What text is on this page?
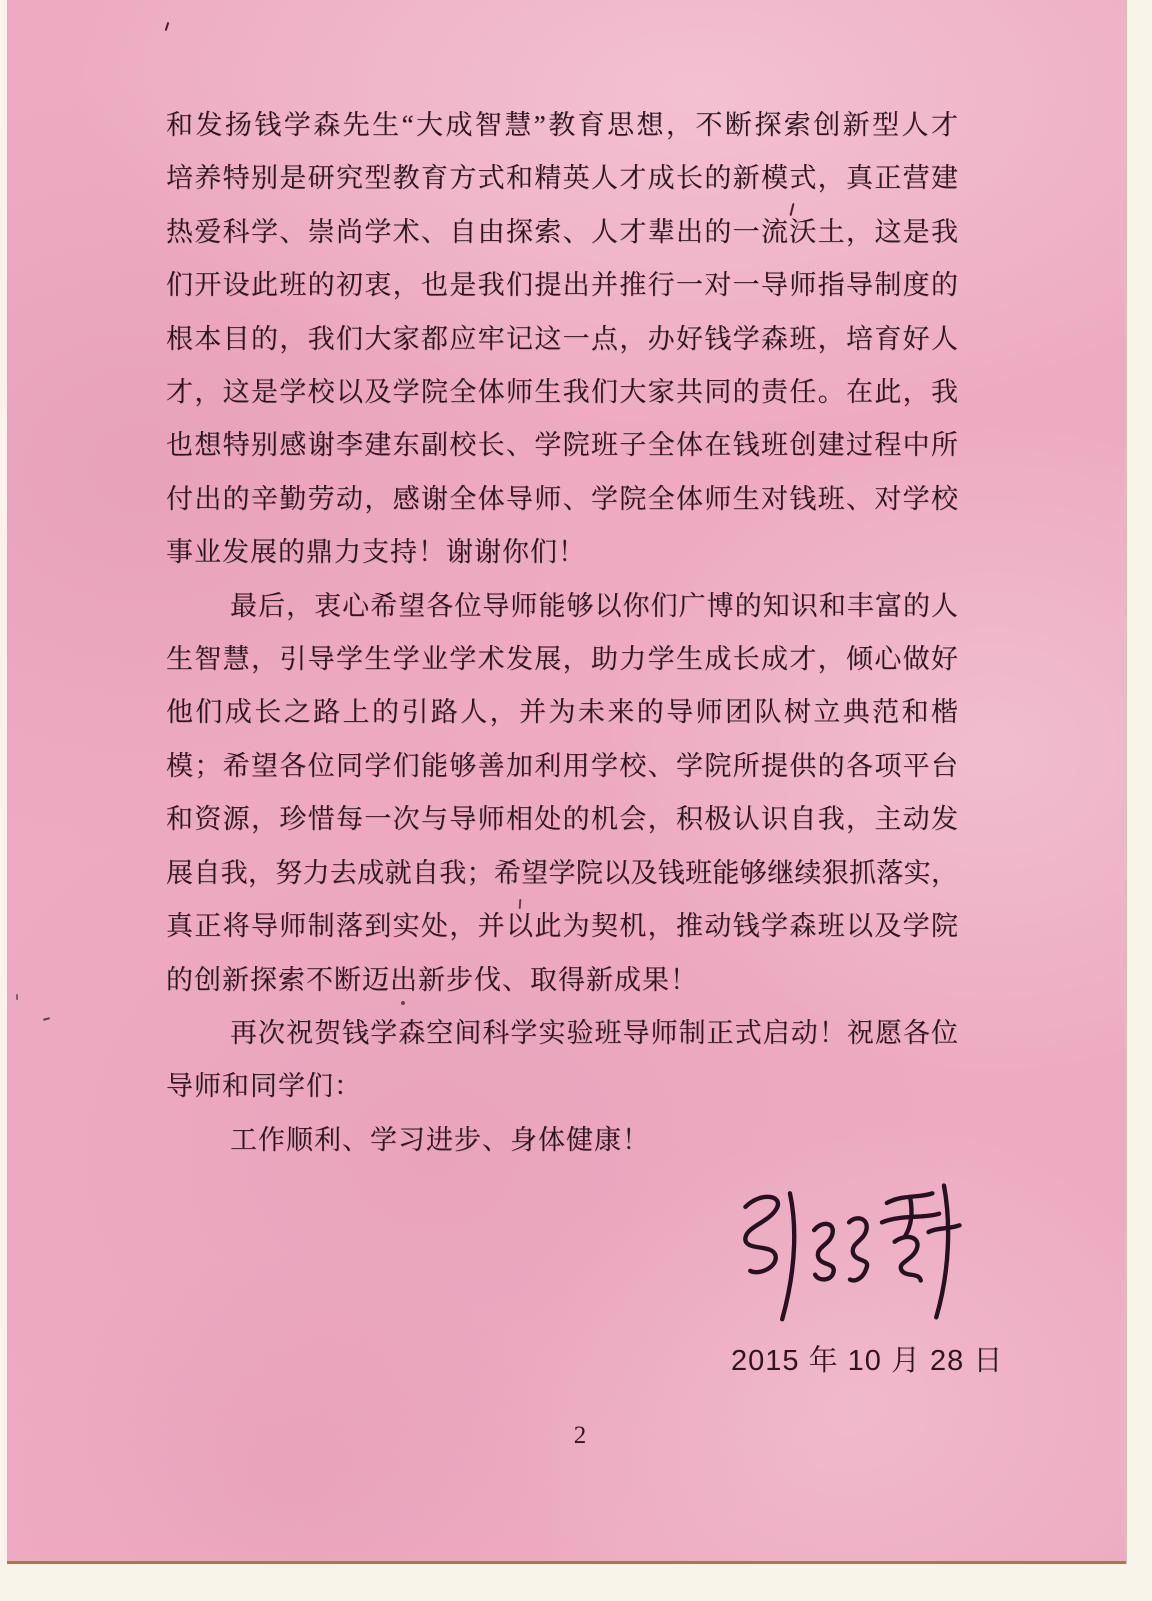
和发扬钱学森先生“大成智慧”教育思想，不断探索创新型人才
培养特别是研究型教育方式和精英人才成长的新模式，真正营建
热爱科学、崇尚学术、自由探索、人才辈出的一流沃土，这是我
们开设此班的初衷，也是我们提出并推行一对一导师指导制度的
根本目的，我们大家都应牢记这一点，办好钱学森班，培育好人
才，这是学校以及学院全体师生我们大家共同的责任。在此，我
也想特别感谢李建东副校长、学院班子全体在钱班创建过程中所
付出的辛勤劳动，感谢全体导师、学院全体师生对钱班、对学校
事业发展的鼎力支持！谢谢你们！
最后，衷心希望各位导师能够以你们广博的知识和丰富的人
生智慧，引导学生学业学术发展，助力学生成长成才，倾心做好
他们成长之路上的引路人，并为未来的导师团队树立典范和楷
模；希望各位同学们能够善加利用学校、学院所提供的各项平台
和资源，珍惜每一次与导师相处的机会，积极认识自我，主动发
展自我，努力去成就自我；希望学院以及钱班能够继续狠抓落实，
真正将导师制落到实处，并以此为契机，推动钱学森班以及学院
的创新探索不断迈出新步伐、取得新成果！
再次祝贺钱学森空间科学实验班导师制正式启动！祝愿各位
导师和同学们：
工作顺利、学习进步、身体健康！
2015 年 10 月 28 日
2
